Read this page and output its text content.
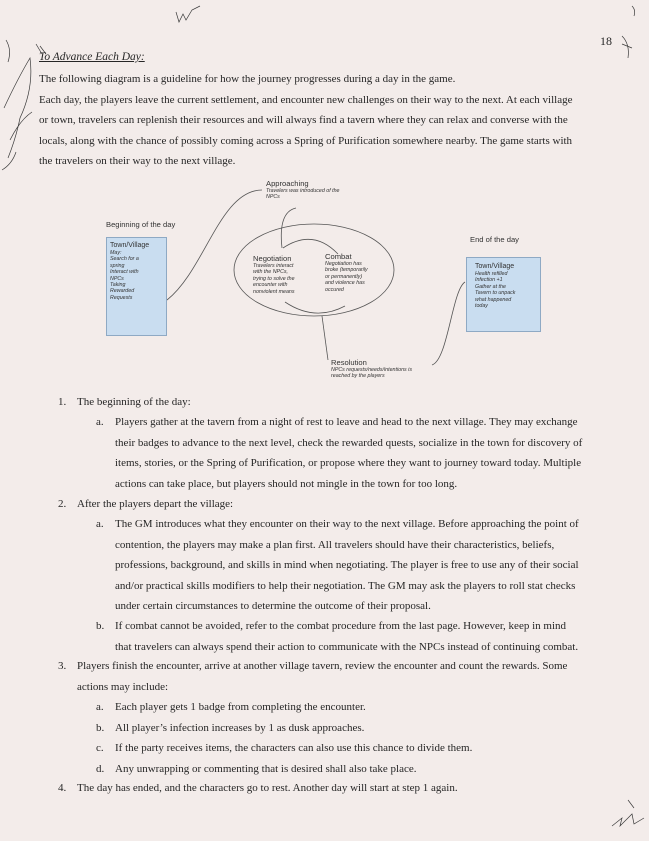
18
To Advance Each Day:

The following diagram is a guideline for how the journey progresses during a day in the game.

Each day, the players leave the current settlement, and encounter new challenges on their way to the next. At each village

or town, travelers can replenish their resources and will always find a tavern where they can relax and converse with the

locals, along with the chance of possibly coming across a Spring of Purification somewhere nearby. The game starts with

the travelers on their way to the next village.

Beginning of the day
End of the day
Town/Village
May:
Search for a
spring
Interact with
NPCs
Taking
Rewarded
Requests
Town/Village
Health refilled
Infection +1
Gather at the
Tavern to unpack
what happened
today
Approaching
Travelers was introduced of the
NPCs
Negotiation
Travelers interact
with the NPCs,
trying to solve the
encounter with
nonviolent means
Combat
Negotiation has
broke (temporarily
or permanently)
and violence has
occured
Resolution
NPCs requests/needs/intentions is
reached by the players
1. The beginning of the day:
a. Players gather at the tavern from a night of rest to leave and head to the next village. They may exchange
their badges to advance to the next level, check the rewarded quests, socialize in the town for discovery of
items, stories, or the Spring of Purification, or propose where they want to journey toward today. Multiple
actions can take place, but players should not mingle in the town for too long.
2. After the players depart the village:
a. The GM introduces what they encounter on their way to the next village. Before approaching the point of
contention, the players may make a plan first. All travelers should have their characteristics, beliefs,
professions, background, and skills in mind when negotiating. The player is free to use any of their social
and/or practical skills modifiers to help their negotiation. The GM may ask the players to roll stat checks
under certain circumstances to determine the outcome of their proposal.
b. If combat cannot be avoided, refer to the combat procedure from the last page. However, keep in mind
that travelers can always spend their action to communicate with the NPCs instead of continuing combat.
3. Players finish the encounter, arrive at another village tavern, review the encounter and count the rewards. Some
actions may include:
a. Each player gets 1 badge from completing the encounter.
b. All player’s infection increases by 1 as dusk approaches.
c. If the party receives items, the characters can also use this chance to divide them.
d. Any unwrapping or commenting that is desired shall also take place.
4. The day has ended, and the characters go to rest. Another day will start at step 1 again.
